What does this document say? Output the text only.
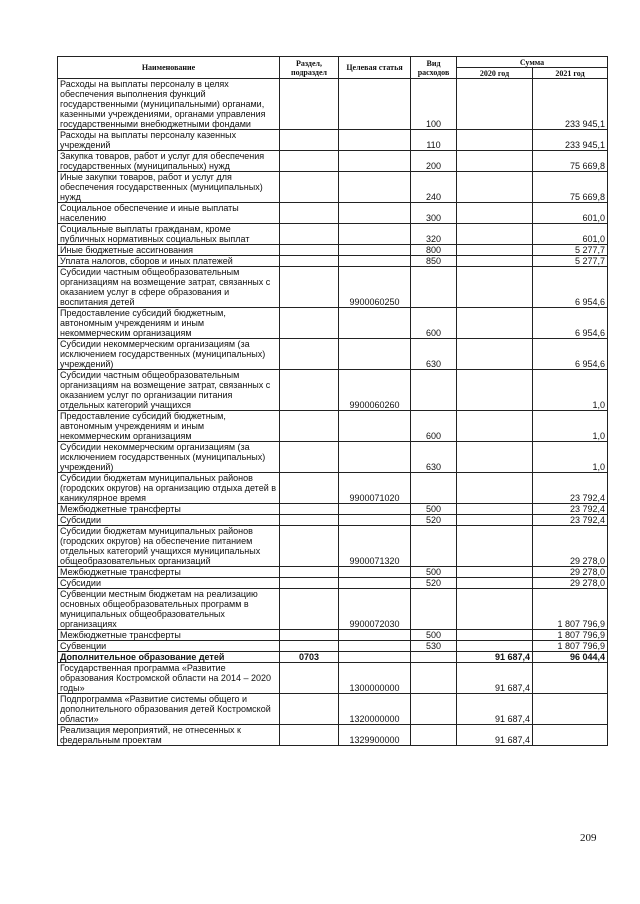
Наименование	Раздел, подраздел	Целевая статья	Вид расходов	Сумма	
				2020 год	2021 год
Расходы на выплаты персоналу в целях обеспечения выполнения функций государственными (муниципальными) органами, казенными учреждениями, органами управления государственными внебюджетными фондами			100		233 945,1
Расходы на выплаты персоналу казенных учреждений			110		233 945,1
Закупка товаров, работ и услуг для обеспечения государственных (муниципальных) нужд			200		75 669,8
Иные закупки товаров, работ и услуг для обеспечения государственных (муниципальных) нужд			240		75 669,8
Социальное обеспечение и иные выплаты населению			300		601,0
Социальные выплаты гражданам, кроме публичных нормативных социальных выплат			320		601,0
Иные бюджетные ассигнования			800		5 277,7
Уплата налогов, сборов и иных платежей			850		5 277,7
Субсидии частным общеобразовательным организациям на возмещение затрат, связанных с оказанием услуг в сфере образования и воспитания детей		9900060250			6 954,6
Предоставление субсидий бюджетным, автономным учреждениям и иным некоммерческим организациям			600		6 954,6
Субсидии некоммерческим организациям (за исключением государственных (муниципальных) учреждений)			630		6 954,6
Субсидии частным общеобразовательным организациям на возмещение затрат, связанных с оказанием услуг по организации питания отдельных категорий учащихся		9900060260			1,0
Предоставление субсидий бюджетным, автономным учреждениям и иным некоммерческим организациям			600		1,0
Субсидии некоммерческим организациям (за исключением государственных (муниципальных) учреждений)			630		1,0
Субсидии бюджетам муниципальных районов (городских округов) на организацию отдыха детей в каникулярное время		9900071020			23 792,4
Межбюджетные трансферты			500		23 792,4
Субсидии			520		23 792,4
Субсидии бюджетам муниципальных районов (городских округов) на обеспечение питанием отдельных категорий учащихся муниципальных общеобразовательных организаций		9900071320			29 278,0
Межбюджетные трансферты			500		29 278,0
Субсидии			520		29 278,0
Субвенции местным бюджетам на реализацию основных общеобразовательных программ в муниципальных общеобразовательных организациях		9900072030			1 807 796,9
Межбюджетные трансферты			500		1 807 796,9
Субвенции			530		1 807 796,9
Дополнительное образование детей	0703			91 687,4	96 044,4
Государственная программа «Развитие образования Костромской области на 2014 – 2020 годы»		1300000000		91 687,4	
Подпрограмма «Развитие системы общего и дополнительного образования детей Костромской области»		1320000000		91 687,4	
Реализация мероприятий, не отнесенных к федеральным проектам		1329900000		91 687,4	
209
